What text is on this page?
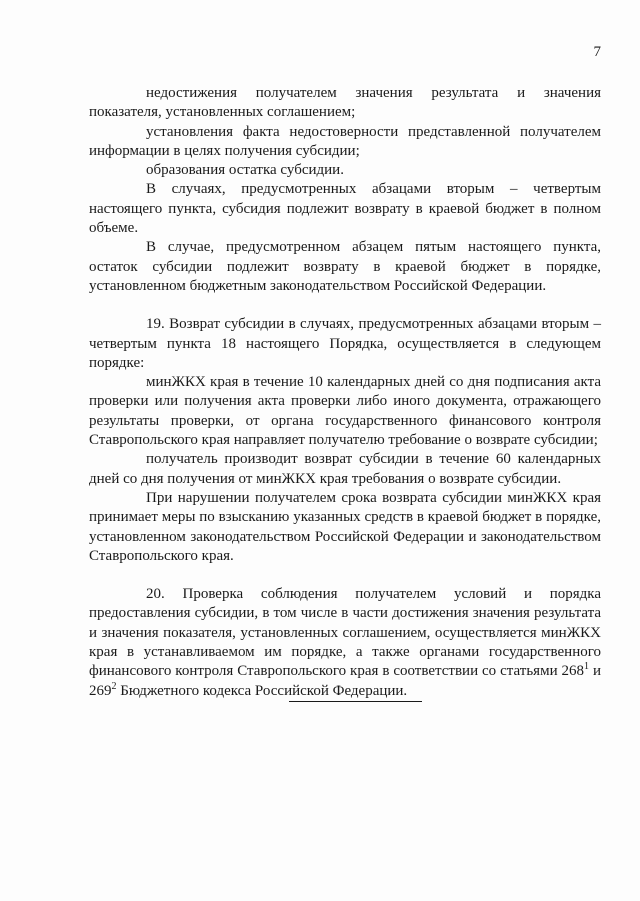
7

недостижения получателем значения результата и значения показателя, установленных соглашением;

установления факта недостоверности представленной получателем информации в целях получения субсидии;

образования остатка субсидии.

В случаях, предусмотренных абзацами вторым – четвертым настоящего пункта, субсидия подлежит возврату в краевой бюджет в полном объеме.

В случае, предусмотренном абзацем пятым настоящего пункта, остаток субсидии подлежит возврату в краевой бюджет в порядке, установленном бюджетным законодательством Российской Федерации.

19. Возврат субсидии в случаях, предусмотренных абзацами вторым – четвертым пункта 18 настоящего Порядка, осуществляется в следующем порядке:

минЖКХ края в течение 10 календарных дней со дня подписания акта проверки или получения акта проверки либо иного документа, отражающего результаты проверки, от органа государственного финансового контроля Ставропольского края направляет получателю требование о возврате субсидии;

получатель производит возврат субсидии в течение 60 календарных дней со дня получения от минЖКХ края требования о возврате субсидии.

При нарушении получателем срока возврата субсидии минЖКХ края принимает меры по взысканию указанных средств в краевой бюджет в порядке, установленном законодательством Российской Федерации и законодательством Ставропольского края.

20. Проверка соблюдения получателем условий и порядка предоставления субсидии, в том числе в части достижения значения результата и значения показателя, установленных соглашением, осуществляется минЖКХ края в устанавливаемом им порядке, а также органами государственного финансового контроля Ставропольского края в соответствии со статьями $268^1$ и $269^2$ Бюджетного кодекса Российской Федерации.
